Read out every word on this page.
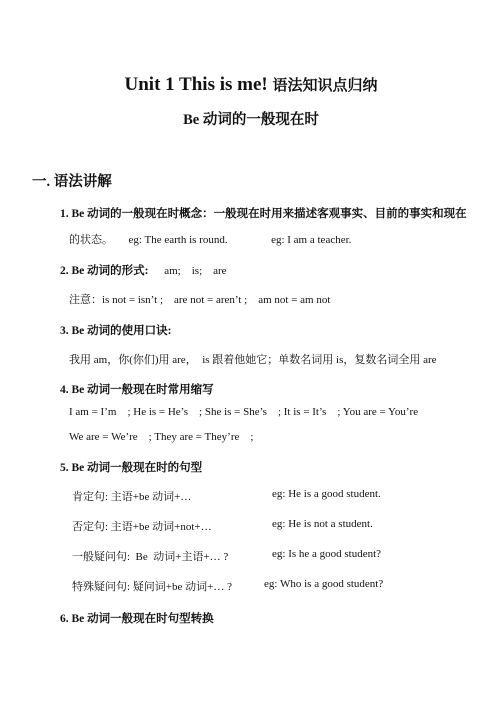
Unit 1 This is me! 语法知识点归纳
Be 动词的一般现在时
一. 语法讲解
1. Be 动词的一般现在时概念：一般现在时用来描述客观事实、目前的事实和现在
的状态。 eg: The earth is round.	eg: I am a teacher.
2. Be 动词的形式: am;    is;    are
注意：is not = isn’t ;    are not = aren’t ;    am not = am not
3. Be 动词的使用口诀:
我用 am，你(你们)用 are，  is 跟着他她它；单数名词用 is，复数名词全用 are
4. Be 动词一般现在时常用缩写
I am = I’m    ; He is = He’s    ; She is = She’s    ; It is = It’s    ; You are = You’re
We are = We’re    ; They are = They’re    ;
5. Be 动词一般现在时的句型
肯定句: 主语+be 动词+…	eg: He is a good student.
否定句: 主语+be 动词+not+…	eg: He is not a student.
一般疑问句:  Be  动词+主语+… ?	eg: Is he a good student?
特殊疑问句: 疑问词+be 动词+… ?	eg: Who is a good student?
6. Be 动词一般现在时句型转换
